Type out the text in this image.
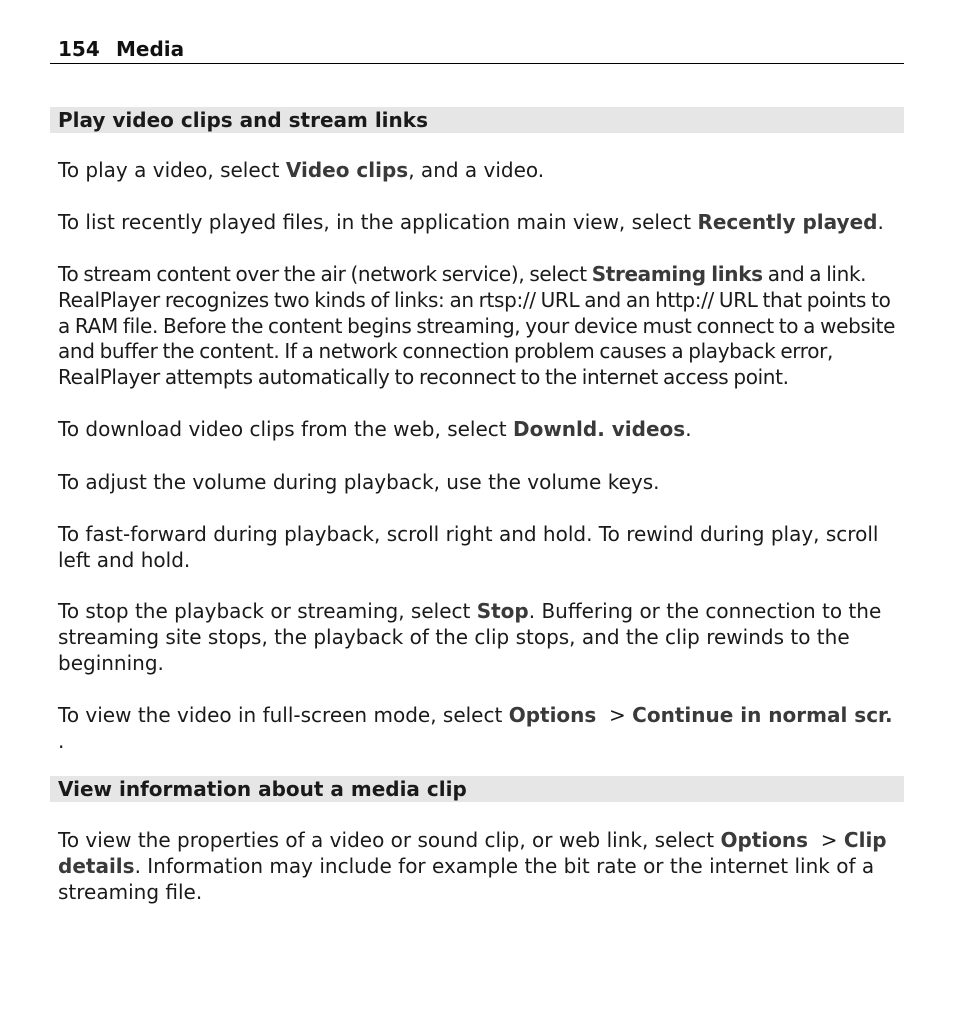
154 Media
Play video clips and stream links

To play a video, select Video clips, and a video.

To list recently played files, in the application main view, select Recently played.

To stream content over the air (network service), select Streaming links and a link. RealPlayer recognizes two kinds of links: an rtsp:// URL and an http:// URL that points to a RAM file. Before the content begins streaming, your device must connect to a website and buffer the content. If a network connection problem causes a playback error, RealPlayer attempts automatically to reconnect to the internet access point.

To download video clips from the web, select Downld. videos.

To adjust the volume during playback, use the volume keys.

To fast-forward during playback, scroll right and hold. To rewind during play, scroll left and hold.

To stop the playback or streaming, select Stop. Buffering or the connection to the streaming site stops, the playback of the clip stops, and the clip rewinds to the beginning.

To view the video in full-screen mode, select Options  > Continue in normal scr. .

View information about a media clip

To view the properties of a video or sound clip, or web link, select Options  > Clip details. Information may include for example the bit rate or the internet link of a streaming file.
